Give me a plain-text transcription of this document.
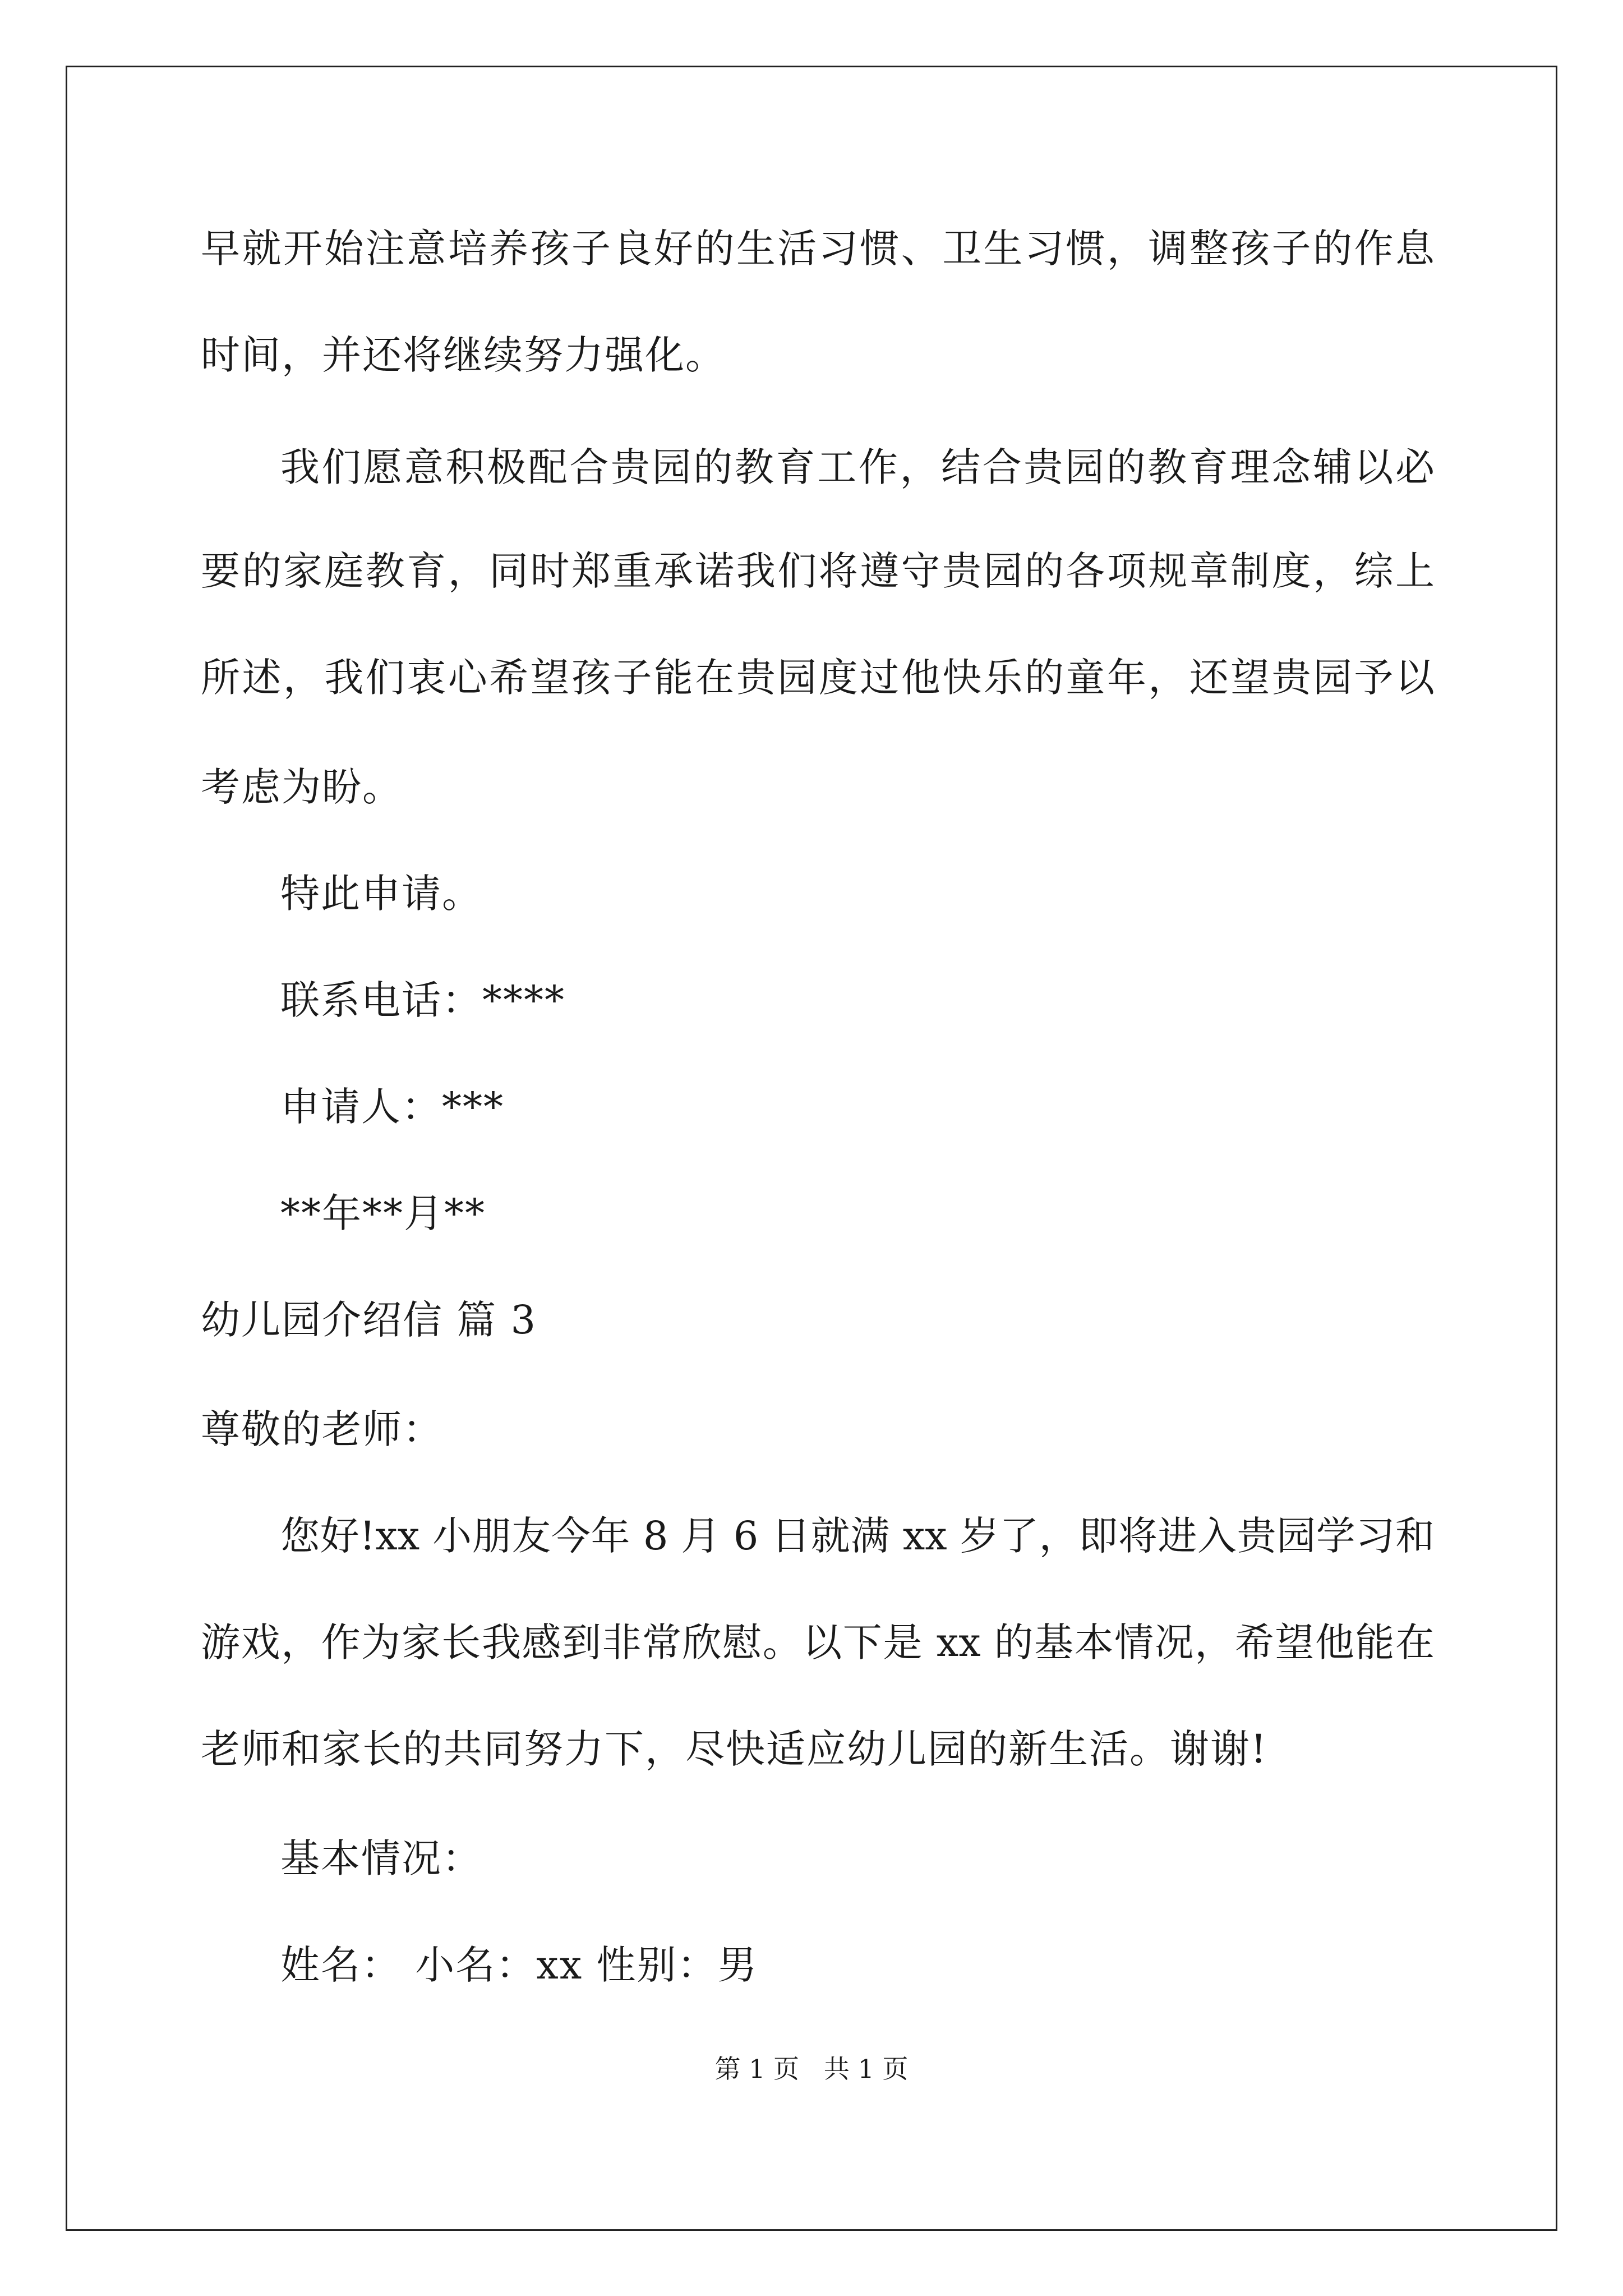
早就开始注意培养孩子良好的生活习惯、卫生习惯，调整孩子的作息
时间，并还将继续努力强化。
我们愿意积极配合贵园的教育工作，结合贵园的教育理念辅以必
要的家庭教育，同时郑重承诺我们将遵守贵园的各项规章制度，综上
所述，我们衷心希望孩子能在贵园度过他快乐的童年，还望贵园予以
考虑为盼。
特此申请。
联系电话：****
申请人：***
**年**月**
幼儿园介绍信 篇 3
尊敬的老师：
您好!xx 小朋友今年 8 月 6 日就满 xx 岁了，即将进入贵园学习和
游戏，作为家长我感到非常欣慰。以下是 xx 的基本情况，希望他能在
老师和家长的共同努力下，尽快适应幼儿园的新生活。谢谢!
基本情况：
姓名： 小名：xx 性别：男
第 1 页   共 1 页
